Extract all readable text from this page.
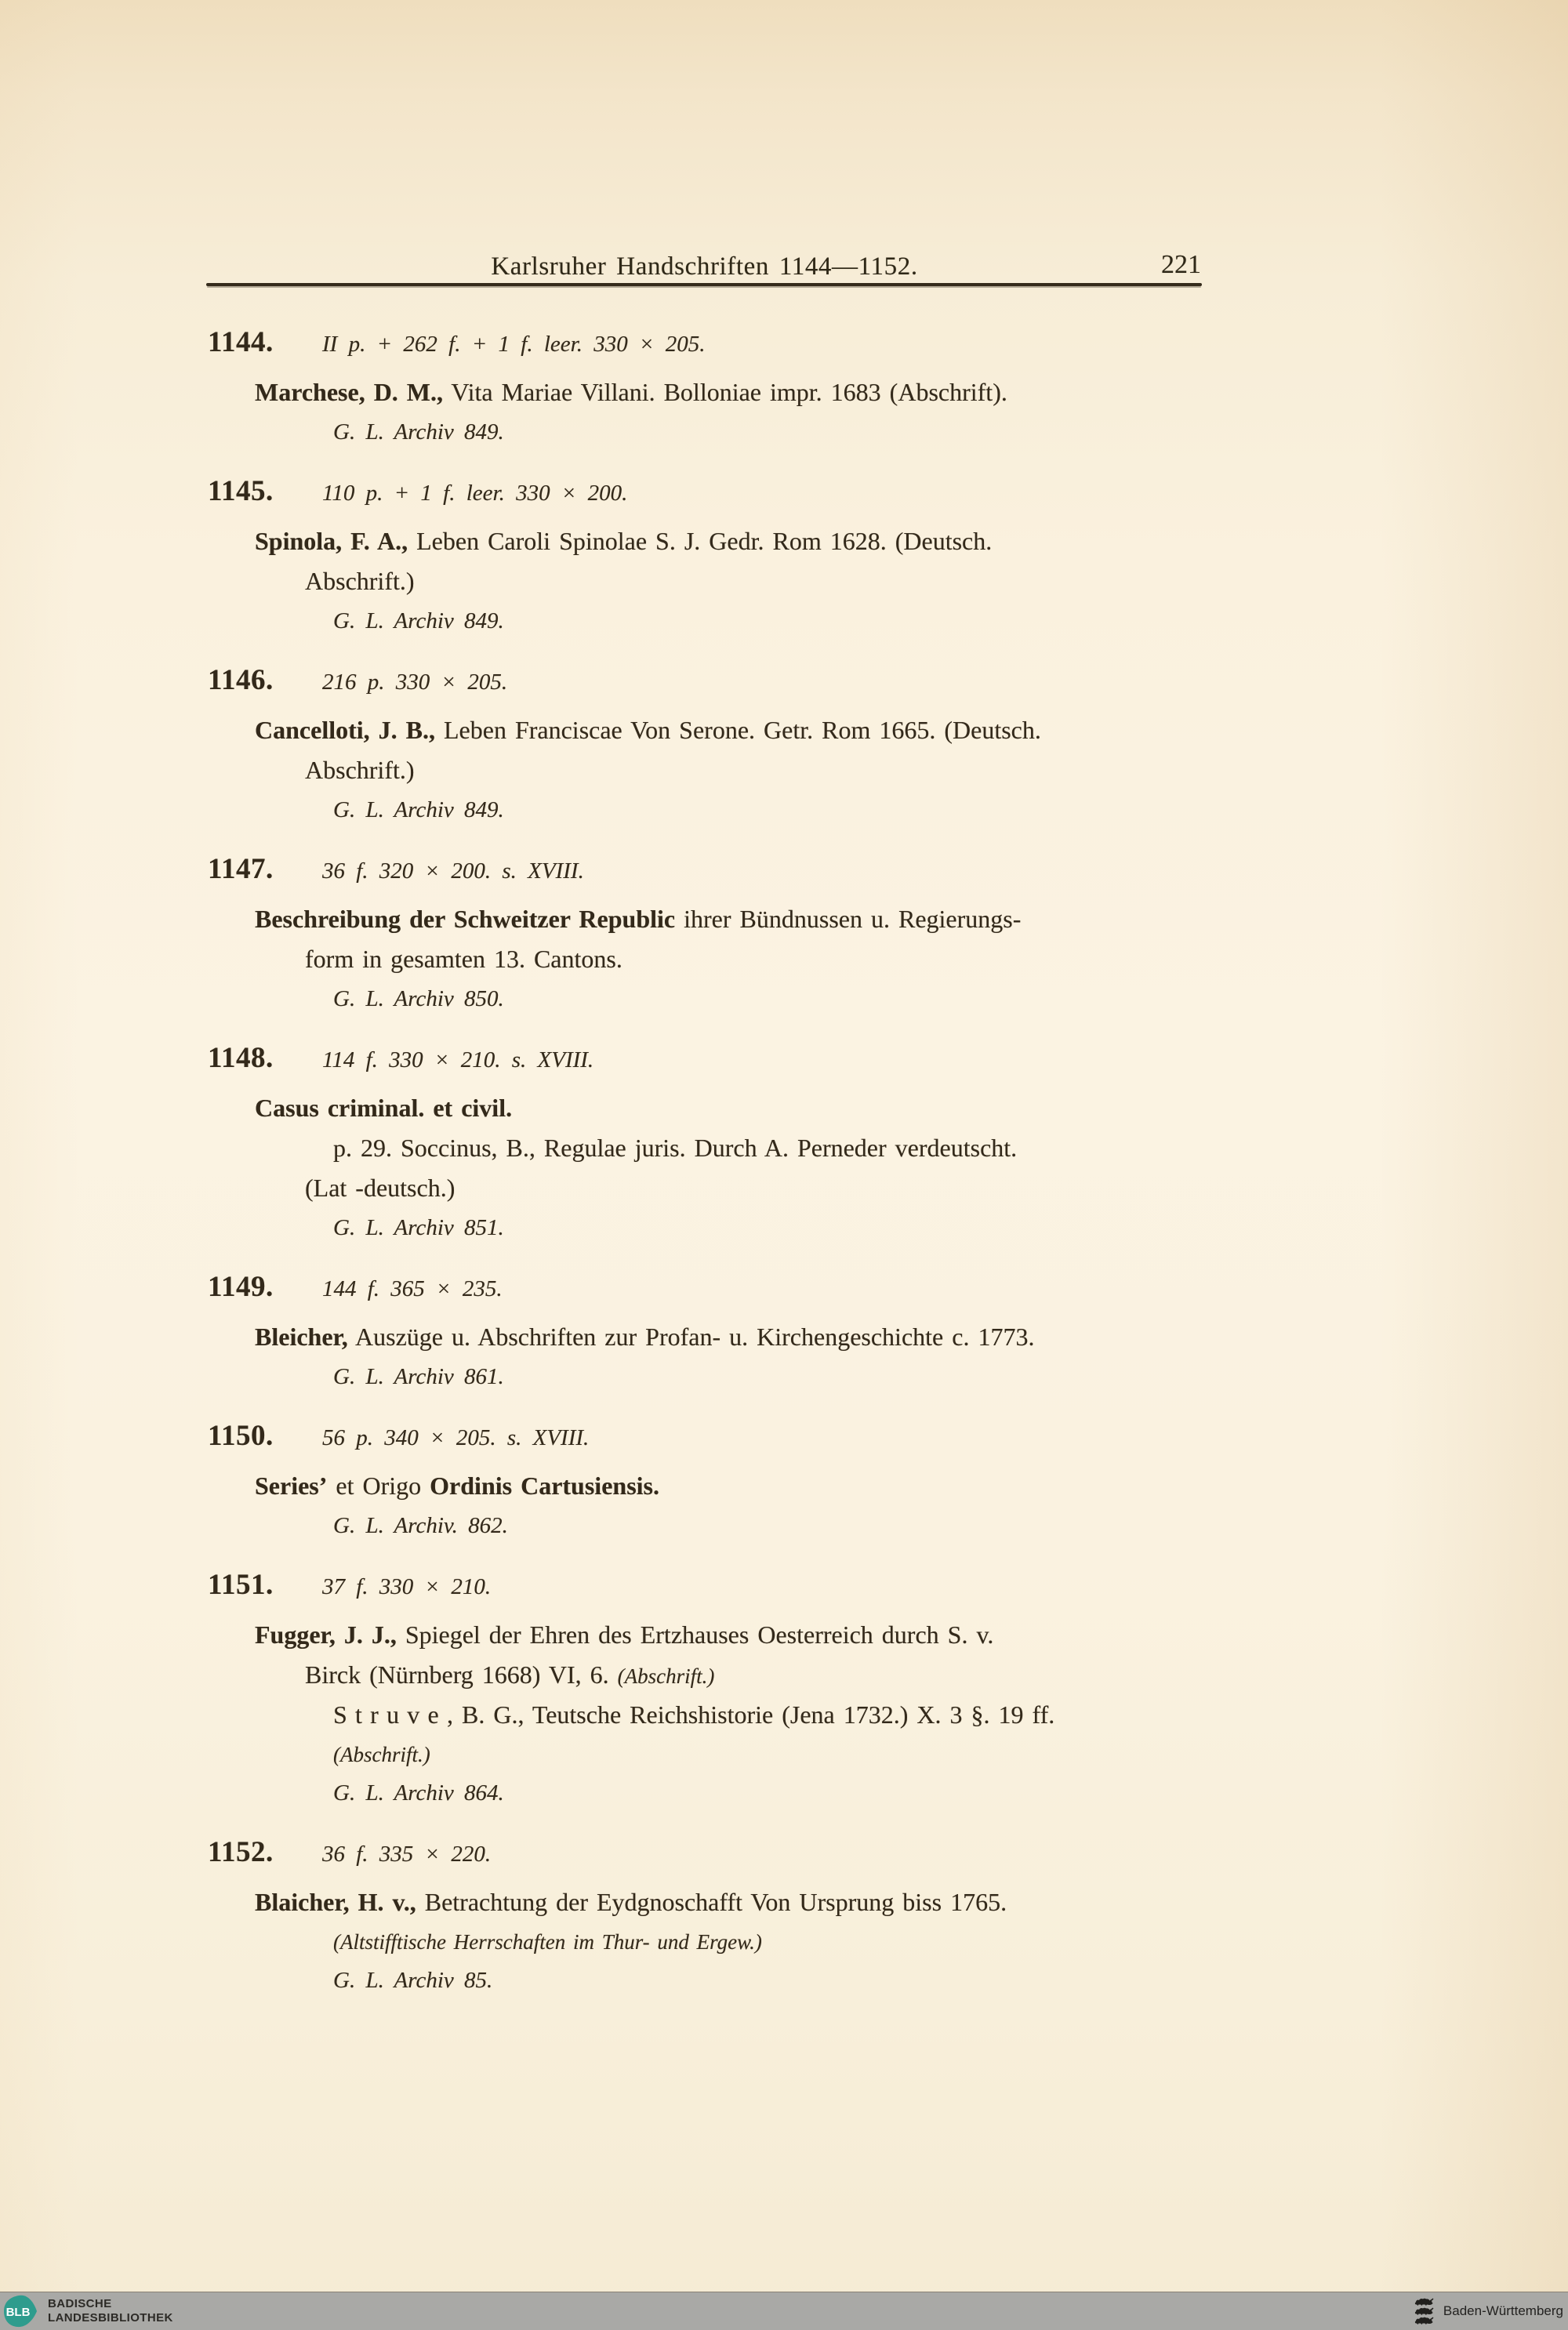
Karlsruher Handschriften 1144—1152.	221
1144. II p. + 262 f. + 1 f. leer. 330 × 205.
Marchese, D. M., Vita Mariae Villani. Bolloniae impr. 1683 (Abschrift).
G. L. Archiv 849.
1145. 110 p. + 1 f. leer. 330 × 200.
Spinola, F. A., Leben Caroli Spinolae S. J. Gedr. Rom 1628. (Deutsch.
Abschrift.)
G. L. Archiv 849.
1146. 216 p. 330 × 205.
Cancelloti, J. B., Leben Franciscae Von Serone. Getr. Rom 1665. (Deutsch.
Abschrift.)
G. L. Archiv 849.
1147. 36 f. 320 × 200. s. XVIII.
Beschreibung der Schweitzer Republic ihrer Bündnussen u. Regierungs-
form in gesamten 13. Cantons.
G. L. Archiv 850.
1148. 114 f. 330 × 210. s. XVIII.
Casus criminal. et civil.
p. 29. Soccinus, B., Regulae juris. Durch A. Perneder verdeutscht.
(Lat -deutsch.)
G. L. Archiv 851.
1149. 144 f. 365 × 235.
Bleicher, Auszüge u. Abschriften zur Profan- u. Kirchengeschichte c. 1773.
G. L. Archiv 861.
1150. 56 p. 340 × 205. s. XVIII.
Series’ et Origo Ordinis Cartusiensis.
G. L. Archiv. 862.
1151. 37 f. 330 × 210.
Fugger, J. J., Spiegel der Ehren des Ertzhauses Oesterreich durch S. v.
Birck (Nürnberg 1668) VI, 6. (Abschrift.)
Struve, B. G., Teutsche Reichshistorie (Jena 1732.) X. 3 §. 19 ff.
(Abschrift.)
G. L. Archiv 864.
1152. 36 f. 335 × 220.
Blaicher, H. v., Betrachtung der Eydgnoschafft Von Ursprung biss 1765.
(Altstifftische Herrschaften im Thur- und Ergew.)
G. L. Archiv 85.
BLB
BADISCHE
LANDESBIBLIOTHEK	Baden-Württemberg
